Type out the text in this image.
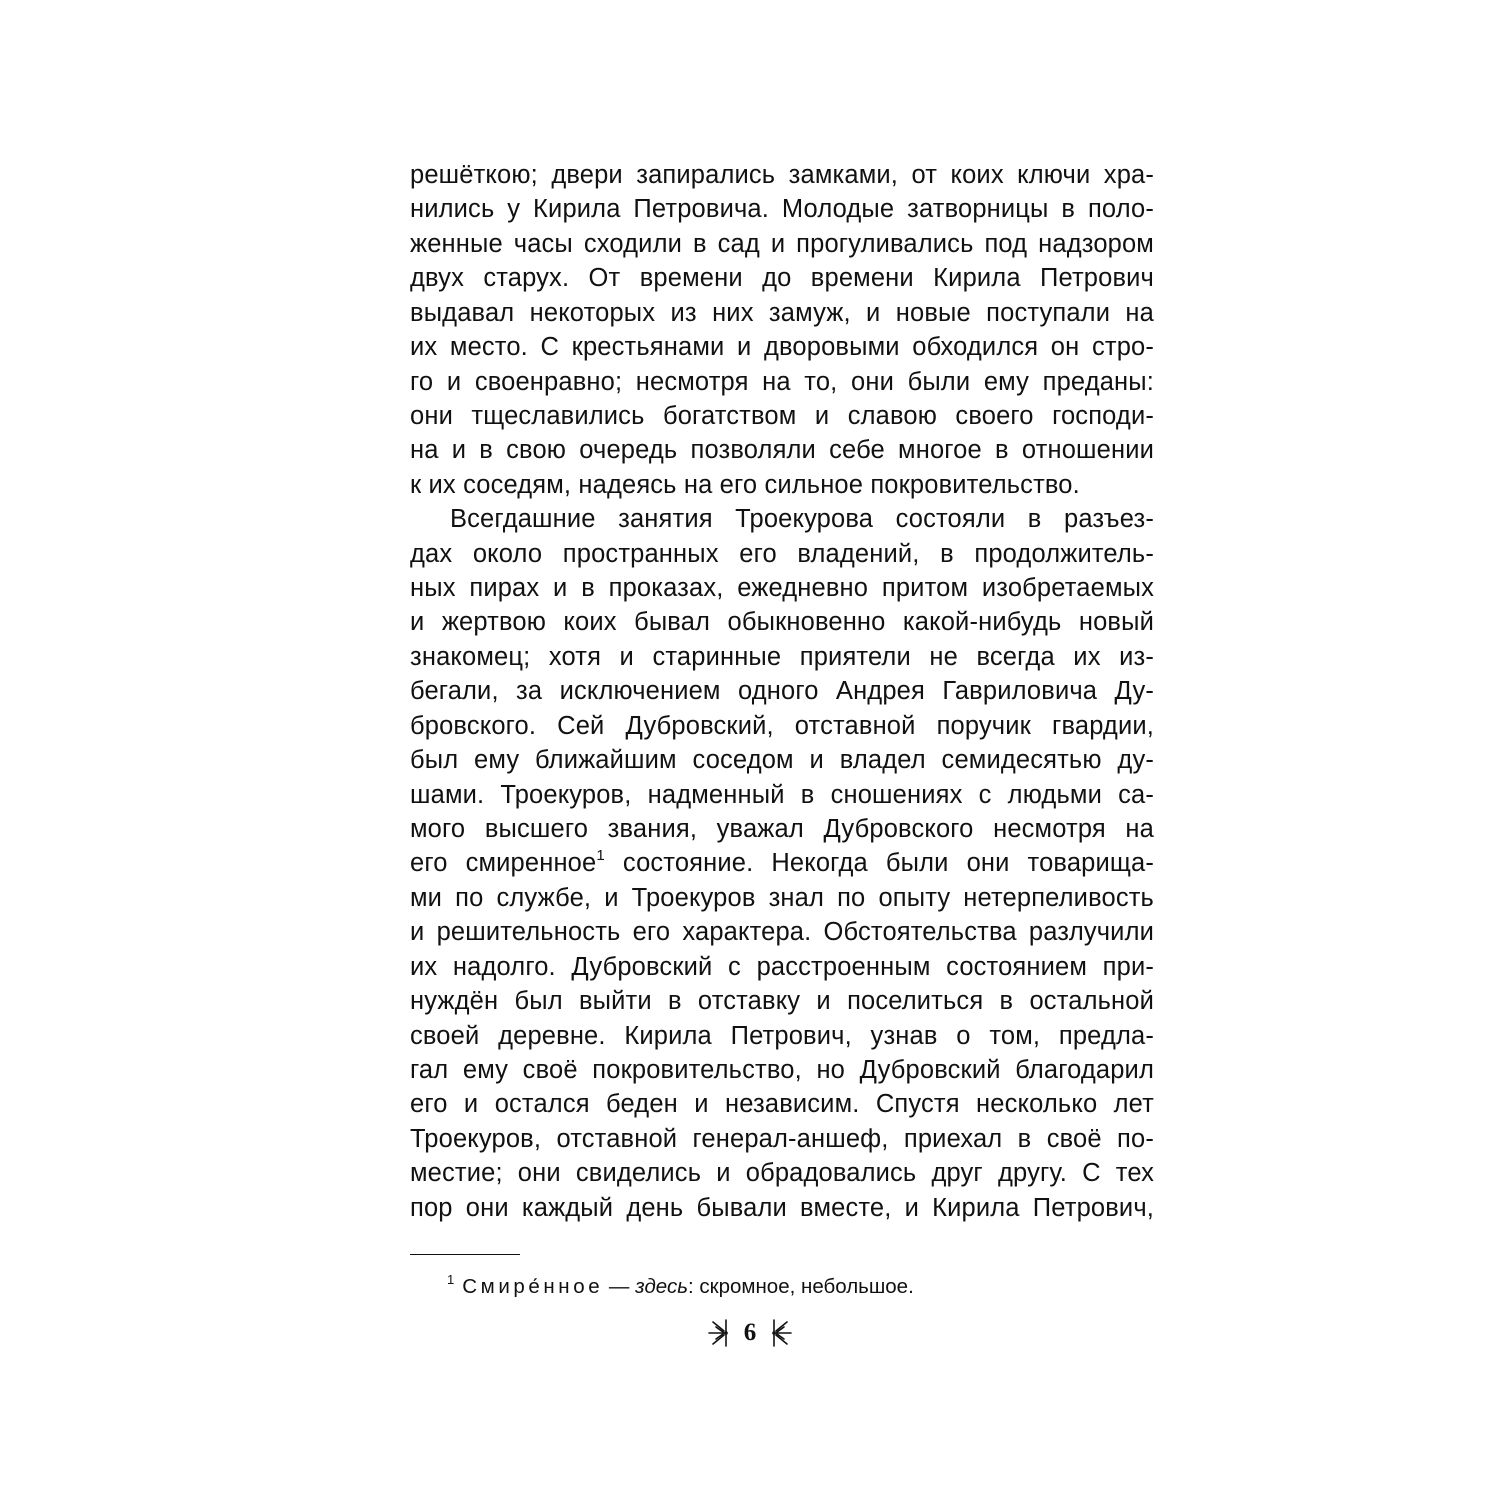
решёткою; двери запирались замками, от коих ключи хра-
нились у Кирила Петровича. Молодые затворницы в поло-
женные часы сходили в сад и прогуливались под надзором
двух старух. От времени до времени Кирила Петрович
выдавал некоторых из них замуж, и новые поступали на
их место. С крестьянами и дворовыми обходился он стро-
го и своенравно; несмотря на то, они были ему преданы:
они тщеславились богатством и славою своего господи-
на и в свою очередь позволяли себе многое в отношении
к их соседям, надеясь на его сильное покровительство.
Всегдашние занятия Троекурова состояли в разъез-
дах около пространных его владений, в продолжитель-
ных пирах и в проказах, ежедневно притом изобретаемых
и жертвою коих бывал обыкновенно какой-нибудь новый
знакомец; хотя и старинные приятели не всегда их из-
бегали, за исключением одного Андрея Гавриловича Ду-
бровского. Сей Дубровский, отставной поручик гвардии,
был ему ближайшим соседом и владел семидесятью ду-
шами. Троекуров, надменный в сношениях с людьми са-
мого высшего звания, уважал Дубровского несмотря на
его смиренное$^1$ состояние. Некогда были они товарища-
ми по службе, и Троекуров знал по опыту нетерпеливость
и решительность его характера. Обстоятельства разлучили
их надолго. Дубровский с расстроенным состоянием при-
нуждён был выйти в отставку и поселиться в остальной
своей деревне. Кирила Петрович, узнав о том, предла-
гал ему своё покровительство, но Дубровский благодарил
его и остался беден и независим. Спустя несколько лет
Троекуров, отставной генерал-аншеф, приехал в своё по-
местие; они свиделись и обрадовались друг другу. С тех
пор они каждый день бывали вместе, и Кирила Петрович,
$^1$ Смире́нное — здесь: скромное, небольшое.
6
